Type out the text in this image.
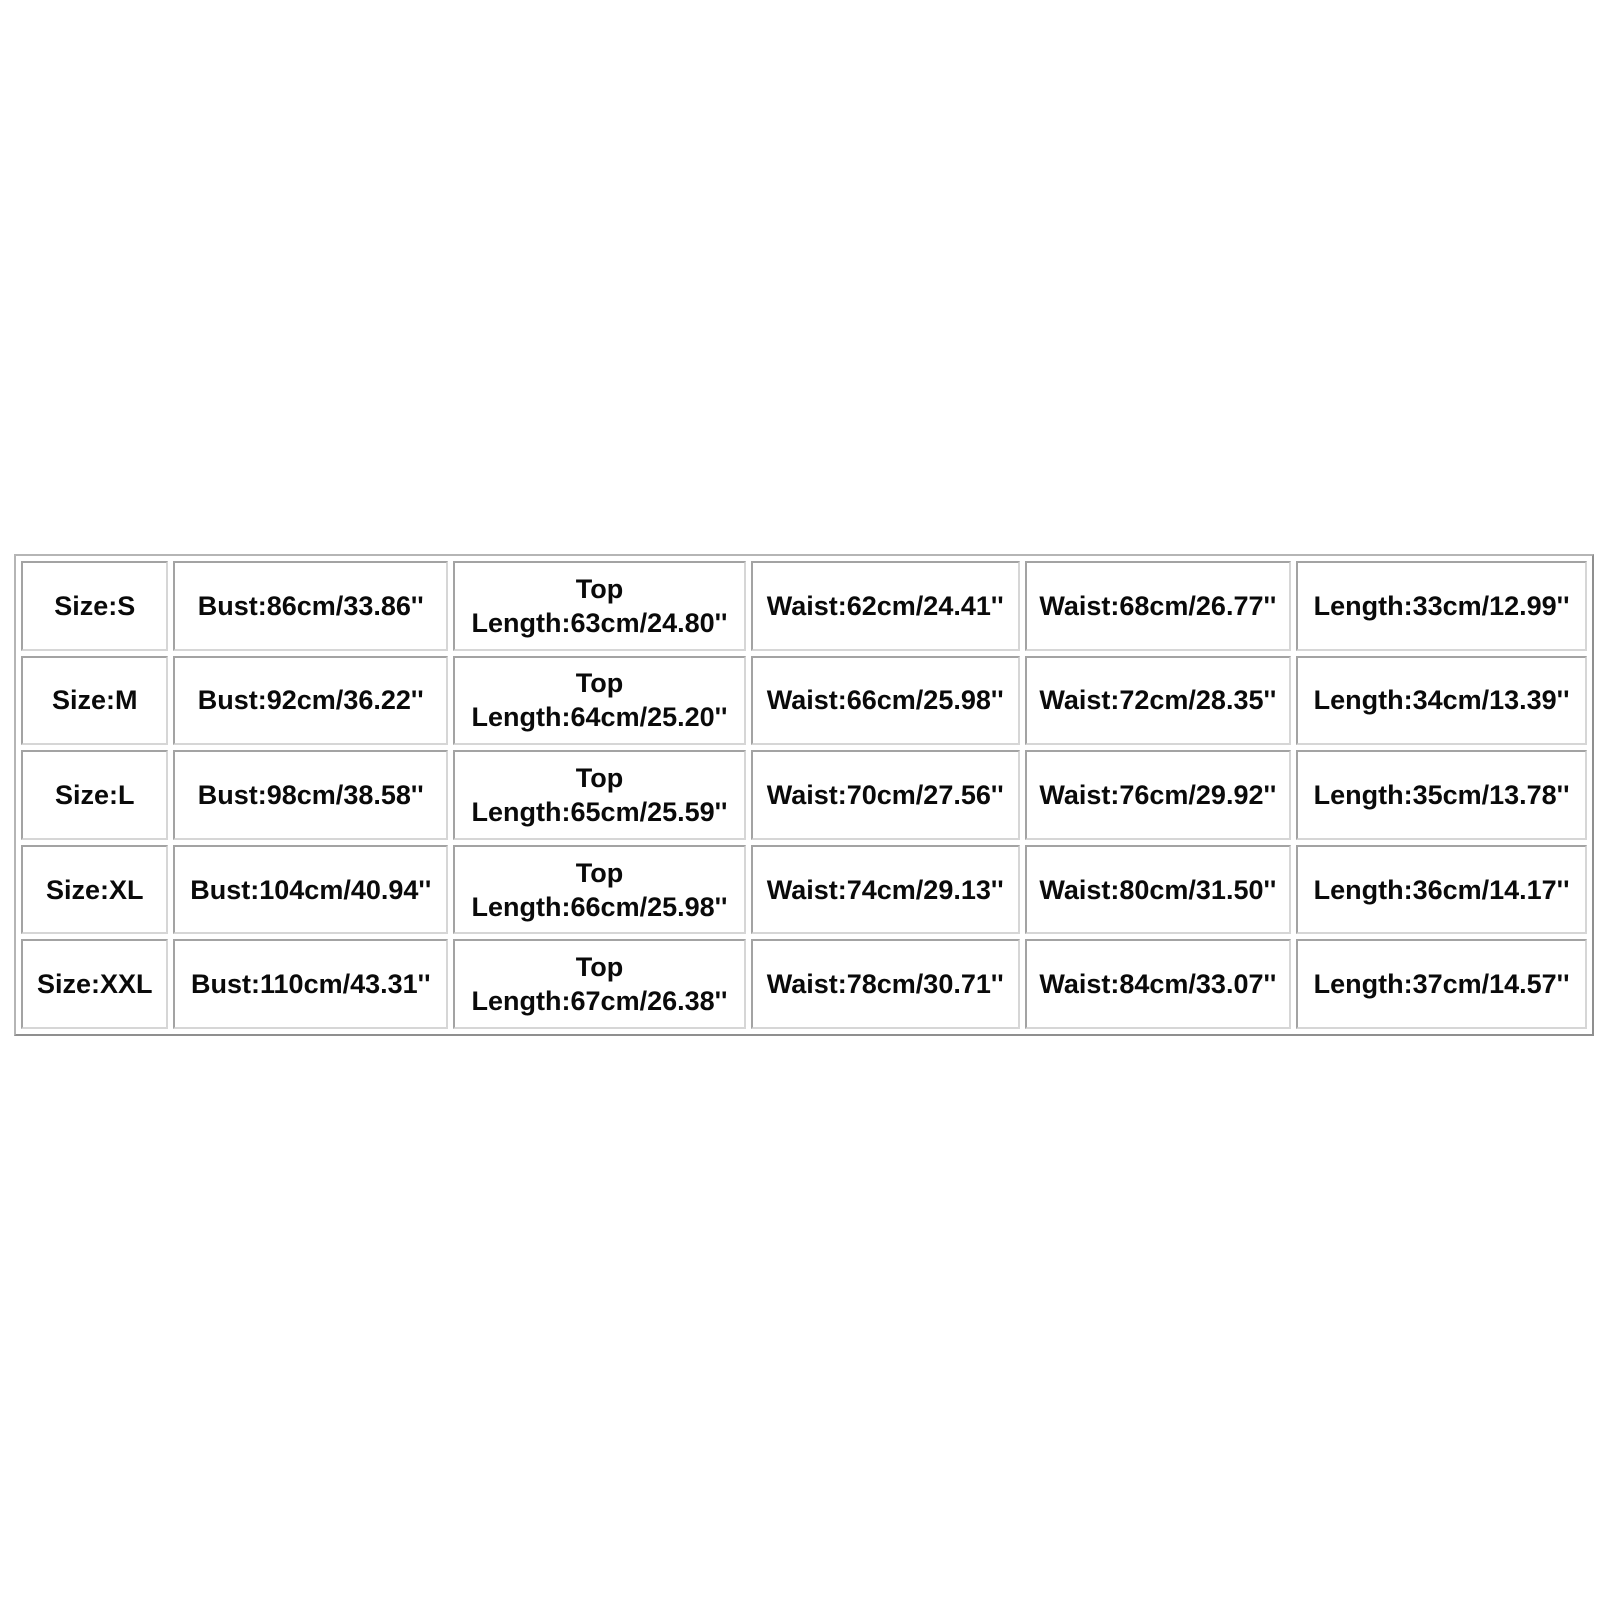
Size:S	Bust:86cm/33.86''	Top Length:63cm/24.80''	Waist:62cm/24.41''	Waist:68cm/26.77''	Length:33cm/12.99''
Size:M	Bust:92cm/36.22''	Top Length:64cm/25.20''	Waist:66cm/25.98''	Waist:72cm/28.35''	Length:34cm/13.39''
Size:L	Bust:98cm/38.58''	Top Length:65cm/25.59''	Waist:70cm/27.56''	Waist:76cm/29.92''	Length:35cm/13.78''
Size:XL	Bust:104cm/40.94''	Top Length:66cm/25.98''	Waist:74cm/29.13''	Waist:80cm/31.50''	Length:36cm/14.17''
Size:XXL	Bust:110cm/43.31''	Top Length:67cm/26.38''	Waist:78cm/30.71''	Waist:84cm/33.07''	Length:37cm/14.57''
